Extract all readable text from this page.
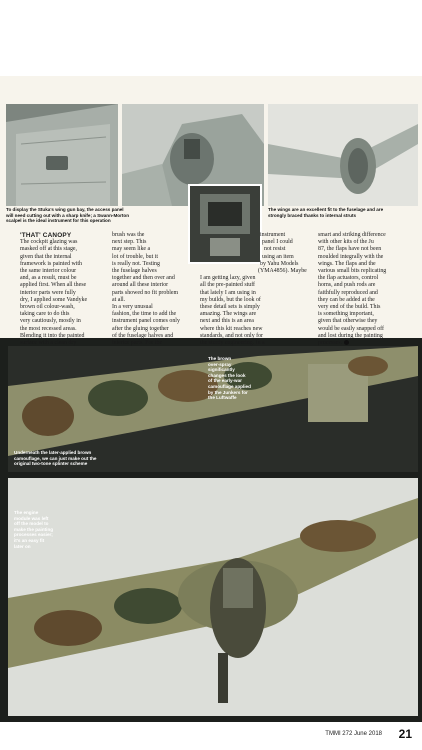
To display the Stuka's wing gun bay, the access panel
will need cutting out with a sharp knife; a Swann-Morton
scalpel is the ideal instrument for this operation
The wings are an excellent fit to the fuselage and are
strongly braced thanks to internal struts

'THAT' CANOPY

The cockpit glazing was

masked off at this stage,

given that the internal

framework is painted with

the same interior colour

and, as a result, must be

applied first. When all these

interior parts were fully

dry, I applied some Vandyke

brown oil colour-wash,

taking care to do this

very cautiously, mostly in

the most recessed areas.

Blending it into the painted

surface with a clean dry

brush was the

next step. This

may seem like a

lot of trouble, but it

is really not. Testing

the fuselage halves

together and then over and

around all these interior

parts showed no fit problem

at all.

In a very unusual

fashion, the time to add the

instrument panel comes only

after the gluing together

of the fuselage halves and

interior parts. For the

instrument

panel I could

not resist

using an item

by Yahu Models

(YMA4856). Maybe

I am getting lazy, given

all the pre-painted stuff

that lately I am using in

my builds, but the look of

these detail sets is simply

amazing. The wings are

next and this is an area

where this kit reaches new

standards, and not only for

the sturdy engineering. In a

smart and striking difference

with other kits of the Ju

87, the flaps have not been

moulded integrally with the

wings. The flaps and the

various small bits replicating

the flap actuators, control

horns, and push rods are

faithfully reproduced and

they can be added at the

very end of the build. This

is something important,

given that otherwise they

would be easily snapped off

and lost during the painting

processes.

The brown
over-spray
significantly
changes the look
of the early-war
camouflage applied
by the Junkers for
the Luftwaffe
Underneath the later-applied brown
camouflage, we can just make out the
original two-tone splinter scheme
The engine
module was left
off the model to
make the painting
processes easier;
it's an easy fit
later on
TMMI 272 June 2018 21
